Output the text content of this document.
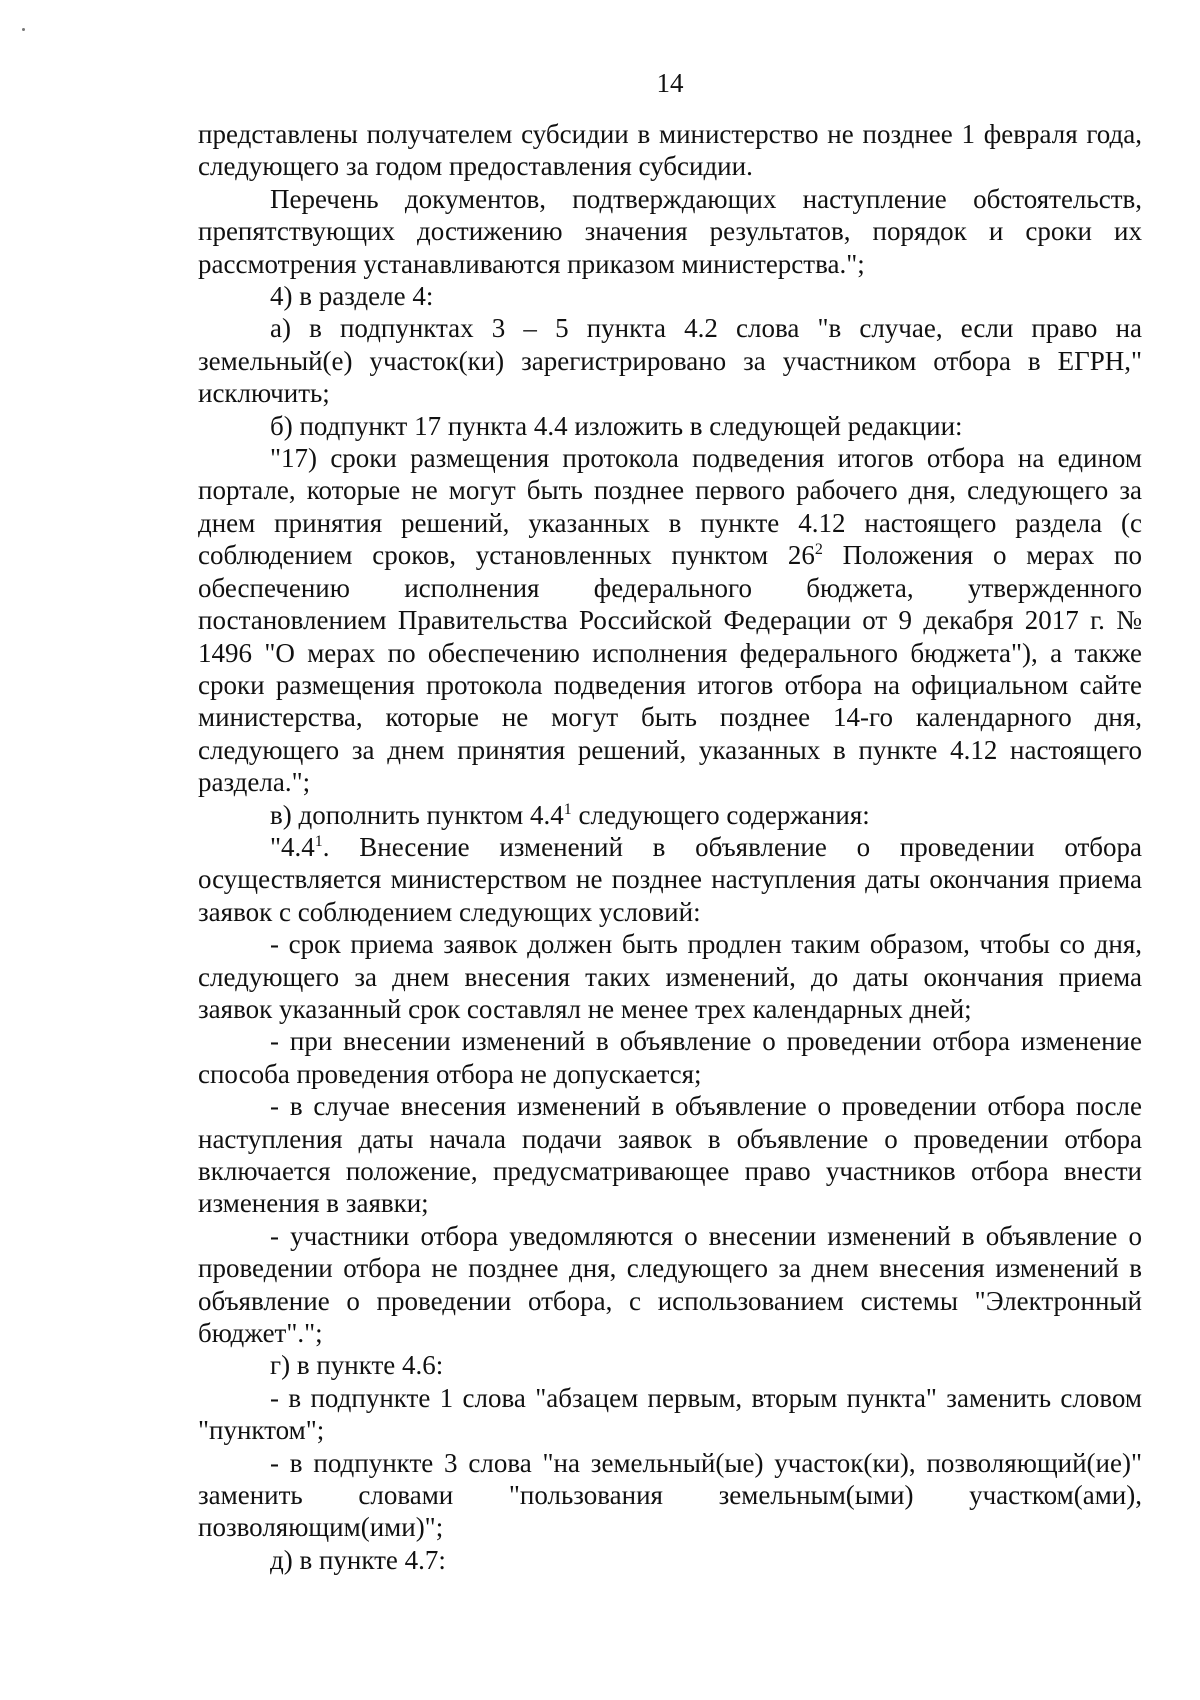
14

представлены получателем субсидии в министерство не позднее 1 февраля года, следующего за годом предоставления субсидии.

Перечень документов, подтверждающих наступление обстоятельств, препятствующих достижению значения результатов, порядок и сроки их рассмотрения устанавливаются приказом министерства.";

4) в разделе 4:

а) в подпунктах 3 – 5 пункта 4.2 слова "в случае, если право на земельный(е) участок(ки) зарегистрировано за участником отбора в ЕГРН," исключить;

б) подпункт 17 пункта 4.4 изложить в следующей редакции:

"17) сроки размещения протокола подведения итогов отбора на едином портале, которые не могут быть позднее первого рабочего дня, следующего за днем принятия решений, указанных в пункте 4.12 настоящего раздела (с соблюдением сроков, установленных пунктом $26^2$ Положения о мерах по обеспечению исполнения федерального бюджета, утвержденного постановлением Правительства Российской Федерации от 9 декабря 2017 г. № 1496 "О мерах по обеспечению исполнения федерального бюджета"), а также сроки размещения протокола подведения итогов отбора на официальном сайте министерства, которые не могут быть позднее 14-го календарного дня, следующего за днем принятия решений, указанных в пункте 4.12 настоящего раздела.";

в) дополнить пунктом $4.4^1$ следующего содержания:

"$4.4^1$. Внесение изменений в объявление о проведении отбора осуществляется министерством не позднее наступления даты окончания приема заявок с соблюдением следующих условий:

- срок приема заявок должен быть продлен таким образом, чтобы со дня, следующего за днем внесения таких изменений, до даты окончания приема заявок указанный срок составлял не менее трех календарных дней;

- при внесении изменений в объявление о проведении отбора изменение способа проведения отбора не допускается;

- в случае внесения изменений в объявление о проведении отбора после наступления даты начала подачи заявок в объявление о проведении отбора включается положение, предусматривающее право участников отбора внести изменения в заявки;

- участники отбора уведомляются о внесении изменений в объявление о проведении отбора не позднее дня, следующего за днем внесения изменений в объявление о проведении отбора, с использованием системы "Электронный бюджет".";

г) в пункте 4.6:

- в подпункте 1 слова "абзацем первым, вторым пункта" заменить словом "пунктом";

- в подпункте 3 слова "на земельный(ые) участок(ки), позволяющий(ие)" заменить словами "пользования земельным(ыми) участком(ами), позволяющим(ими)";

д) в пункте 4.7:
